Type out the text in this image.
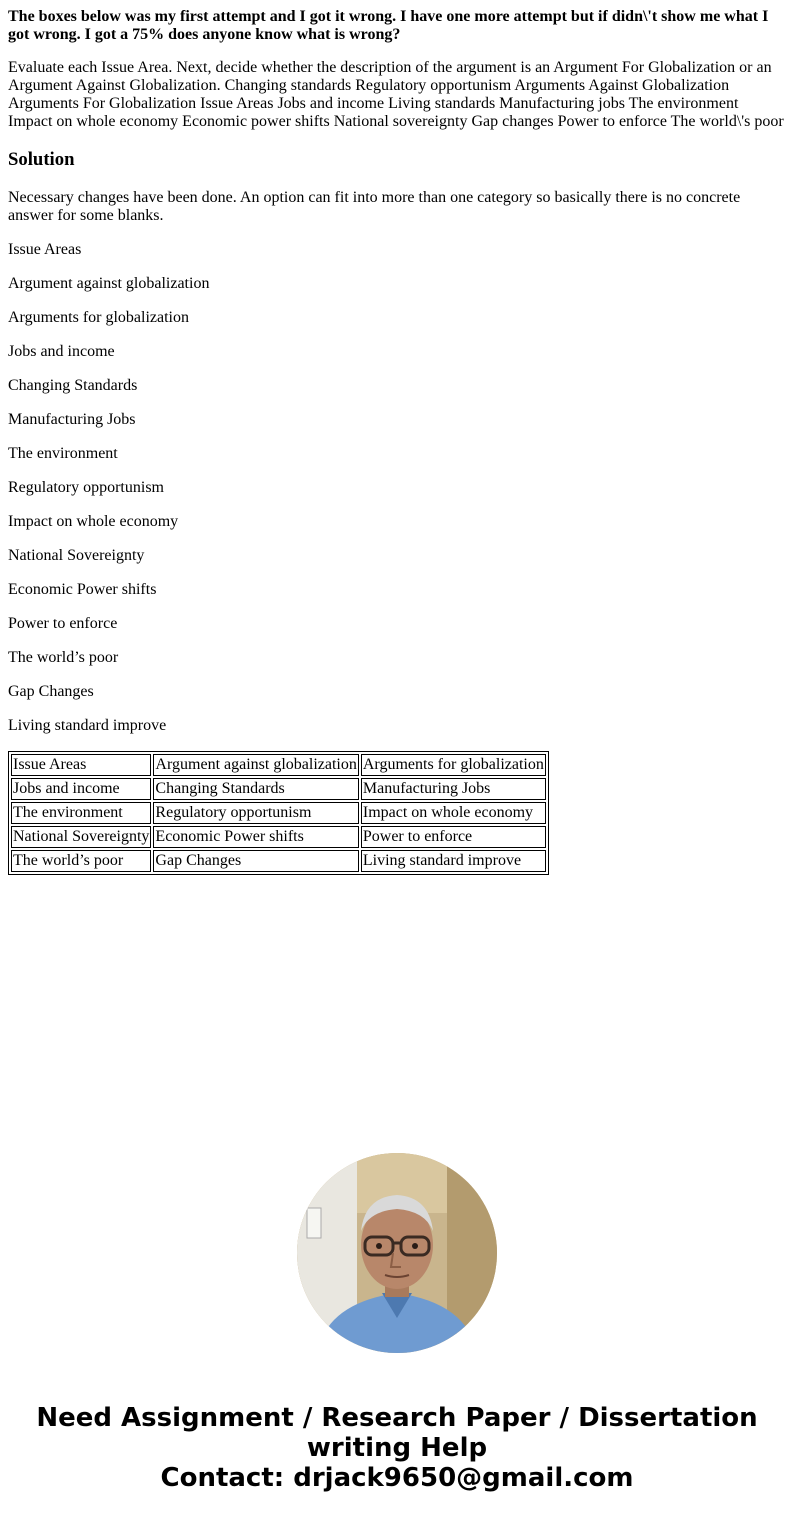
The boxes below was my first attempt and I got it wrong. I have one more attempt but if didn\'t show me what I got wrong. I got a 75% does anyone know what is wrong?

Evaluate each Issue Area. Next, decide whether the description of the argument is an Argument For Globalization or an Argument Against Globalization. Changing standards Regulatory opportunism Arguments Against Globalization Arguments For Globalization Issue Areas Jobs and income Living standards Manufacturing jobs The environment Impact on whole economy Economic power shifts National sovereignty Gap changes Power to enforce The world\'s poor

Solution

Necessary changes have been done. An option can fit into more than one category so basically there is no concrete answer for some blanks.

Issue Areas

Argument against globalization

Arguments for globalization

Jobs and income

Changing Standards

Manufacturing Jobs

The environment

Regulatory opportunism

Impact on whole economy

National Sovereignty

Economic Power shifts

Power to enforce

The world’s poor

Gap Changes

Living standard improve

Issue Areas	Argument against globalization	Arguments for globalization
Jobs and income	Changing Standards	Manufacturing Jobs
The environment	Regulatory opportunism	Impact on whole economy
National Sovereignty	Economic Power shifts	Power to enforce
The world’s poor	Gap Changes	Living standard improve
Need Assignment / Research Paper / Dissertation
writing Help
Contact: drjack9650@gmail.com
